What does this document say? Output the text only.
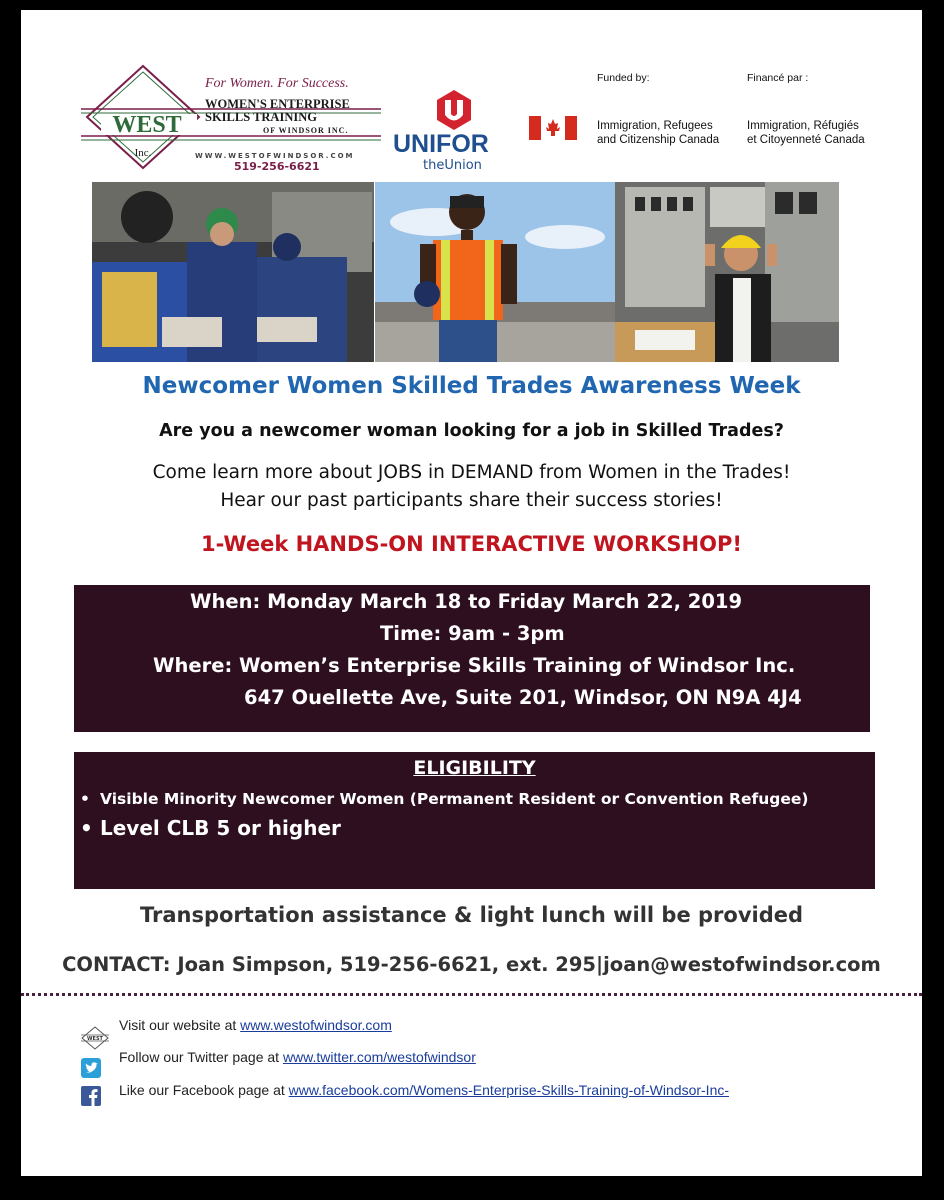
WEST
Inc.
For Women. For Success.
WOMEN'S ENTERPRISE
SKILLS TRAINING
OF WINDSOR INC.
WWW.WESTOFWINDSOR.COM
519-256-6621
UNIFOR
theUnion
Funded by:
Immigration, Refugees
and Citizenship Canada
Financé par :
Immigration, Réfugiés
et Citoyenneté Canada
Newcomer Women Skilled Trades Awareness Week
Are you a newcomer woman looking for a job in Skilled Trades?
Come learn more about JOBS in DEMAND from Women in the Trades!
Hear our past participants share their success stories!
1-Week HANDS-ON INTERACTIVE WORKSHOP!
When: Monday March 18 to Friday March 22, 2019
Time: 9am - 3pm
Where: Women’s Enterprise Skills Training of Windsor Inc.
647 Ouellette Ave, Suite 201, Windsor, ON N9A 4J4
ELIGIBILITY
• Visible Minority Newcomer Women (Permanent Resident or Convention Refugee)
• Level CLB 5 or higher
Transportation assistance & light lunch will be provided
CONTACT: Joan Simpson, 519-256-6621, ext. 295|joan@westofwindsor.com
WEST
Visit our website at www.westofwindsor.com
Follow our Twitter page at www.twitter.com/westofwindsor
Like our Facebook page at www.facebook.com/Womens-Enterprise-Skills-Training-of-Windsor-Inc-
